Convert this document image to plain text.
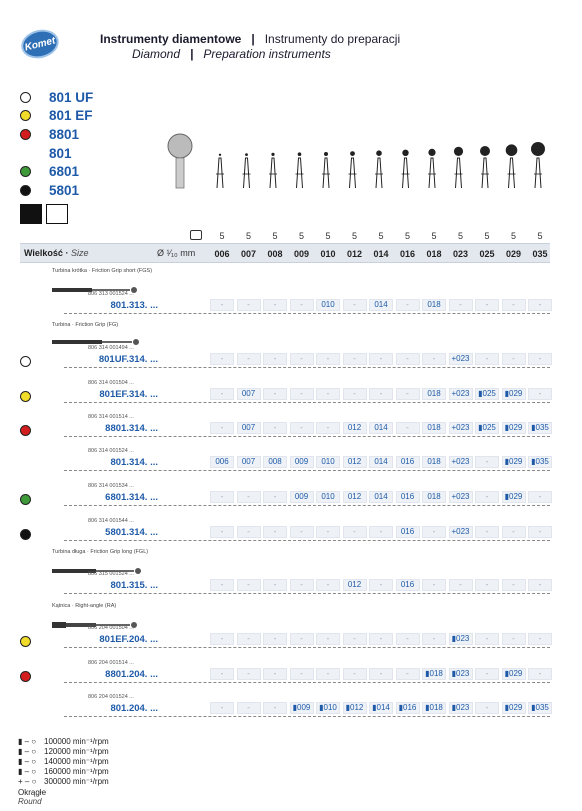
Komet	Instrumenty diamentowe | Instrumenty do preparacji
Diamond | Preparation instruments
801 UF
801 EF
8801
801
6801
5801
5	5	5	5	5	5	5	5	5	5	5	5	5
Wielkość · Size	Ø ¹⁄₁₀ mm	006	007	008	009	010	012	014	016	018	023	025	029	035
Turbina krótka · Friction Grip short (FGS)
Turbina · Friction Grip (FG)
Turbina długa · Friction Grip long (FGL)
Kątnica · Right-angle (RA)
806 313 001524 ...
801.313. ...	-	-	-	-	010	-	014	-	018	-	-	-	-
806 314 001494 ...
801UF.314. ...	-	-	-	-	-	-	-	-	-	+023	-	-	-
806 314 001504 ...
801EF.314. ...	-	007	-	-	-	-	-	-	018	+023	▮025	▮029	-
806 314 001514 ...
8801.314. ...	-	007	-	-	-	012	014	-	018	+023	▮025	▮029	▮035
806 314 001524 ...
801.314. ...	006	007	008	009	010	012	014	016	018	+023	-	▮029	▮035
806 314 001534 ...
6801.314. ...	-	-	-	009	010	012	014	016	018	+023	-	▮029	-
806 314 001544 ...
5801.314. ...	-	-	-	-	-	-	-	016	-	+023	-	-	-
806 315 001524 ...
801.315. ...	-	-	-	-	-	012	-	016	-	-	-	-	-
806 204 001504 ...
801EF.204. ...	-	-	-	-	-	-	-	-	-	▮023	-	-	-
806 204 001514 ...
8801.204. ...	-	-	-	-	-	-	-	-	▮018	▮023	-	▮029	-
806 204 001524 ...
801.204. ...	-	-	-	▮009	▮010	▮012	▮014	▮016	▮018	▮023	-	▮029	▮035
▮ – ○ 100000 min⁻¹/rpm
▮ – ○ 120000 min⁻¹/rpm
▮ – ○ 140000 min⁻¹/rpm
▮ – ○ 160000 min⁻¹/rpm
+ – ○ 300000 min⁻¹/rpm
Okrągłe
Round
